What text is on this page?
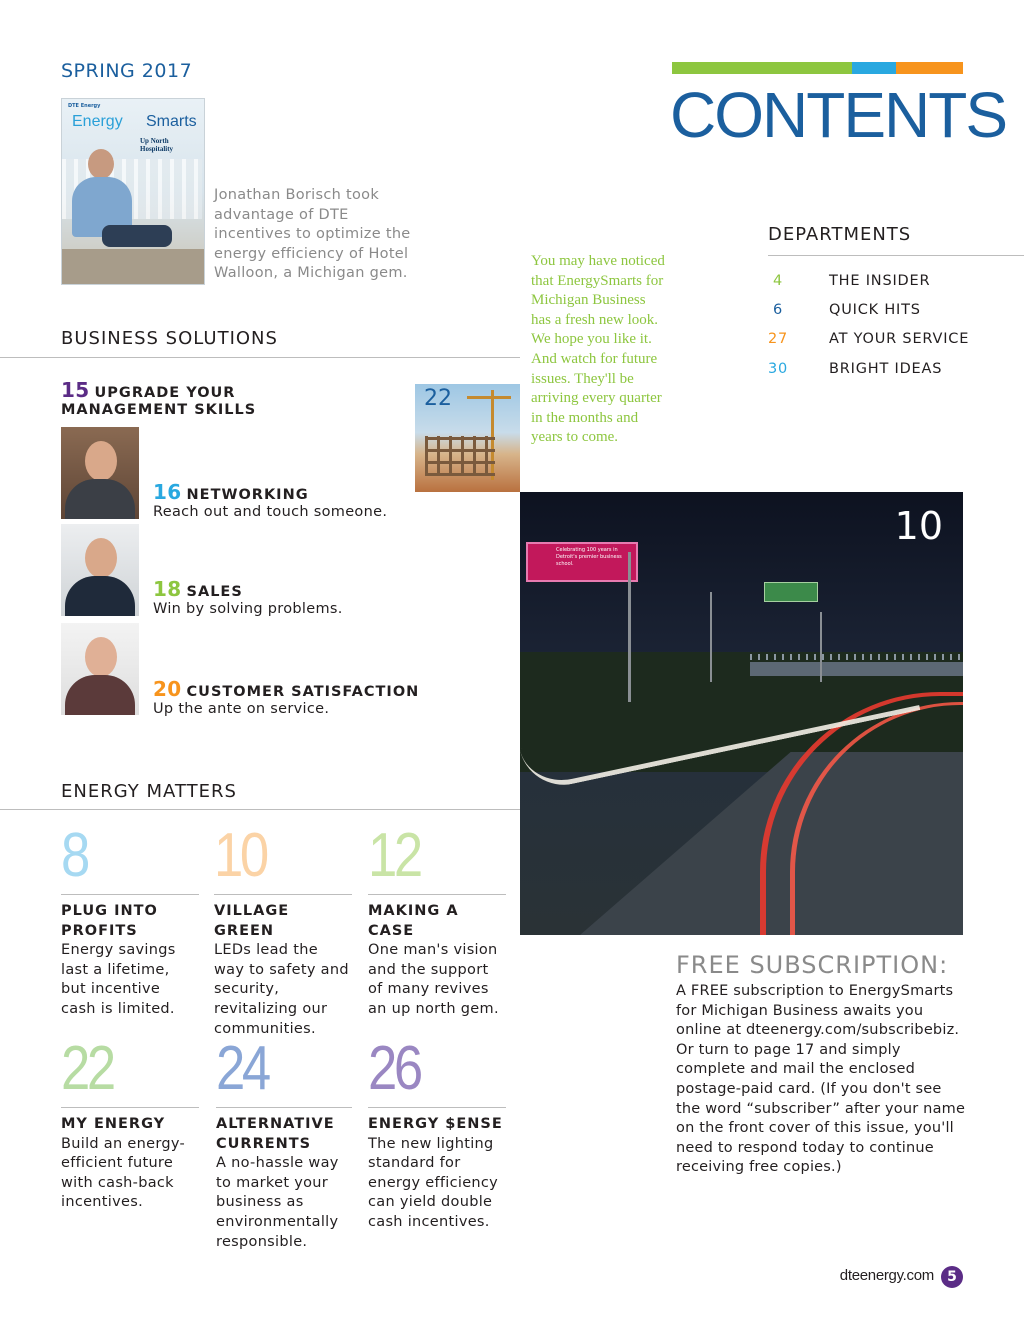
SPRING 2017
DTE Energy
Energy Smarts
Up North Hospitality
Jonathan Borisch took advantage of DTE incentives to optimize the energy efficiency of Hotel Walloon, a Michigan gem.
CONTENTS
DEPARTMENTS
4	THE INSIDER
6	QUICK HITS
27	AT YOUR SERVICE
30	BRIGHT IDEAS
You may have noticed that EnergySmarts for Michigan Business has a fresh new look. We hope you like it. And watch for future issues. They'll be arriving every quarter in the months and years to come.
BUSINESS SOLUTIONS
15 UPGRADE YOUR
MANAGEMENT SKILLS	22
16 NETWORKING
Reach out and touch someone.
18 SALES
Win by solving problems.
20 CUSTOMER SATISFACTION
Up the ante on service.
Celebrating 100 years in Detroit's premier business school.
10
ENERGY MATTERS
8
PLUG INTO
PROFITS
Energy savings last a lifetime, but incentive cash is limited.
10
VILLAGE GREEN
LEDs lead the way to safety and security, revitalizing our communities.
12
MAKING A CASE
One man's vision and the support of many revives an up north gem.
22
MY ENERGY
Build an energy-efficient future with cash-back incentives.
24
ALTERNATIVE
CURRENTS
A no-hassle way to market your business as environmentally responsible.
26
ENERGY $ENSE
The new lighting standard for energy efficiency can yield double cash incentives.
FREE SUBSCRIPTION:
A FREE subscription to EnergySmarts for Michigan Business awaits you online at dteenergy.com/subscribebiz. Or turn to page 17 and simply complete and mail the enclosed postage-paid card. (If you don't see the word “subscriber” after your name on the front cover of this issue, you'll need to respond today to continue receiving free copies.)
dteenergy.com 5
